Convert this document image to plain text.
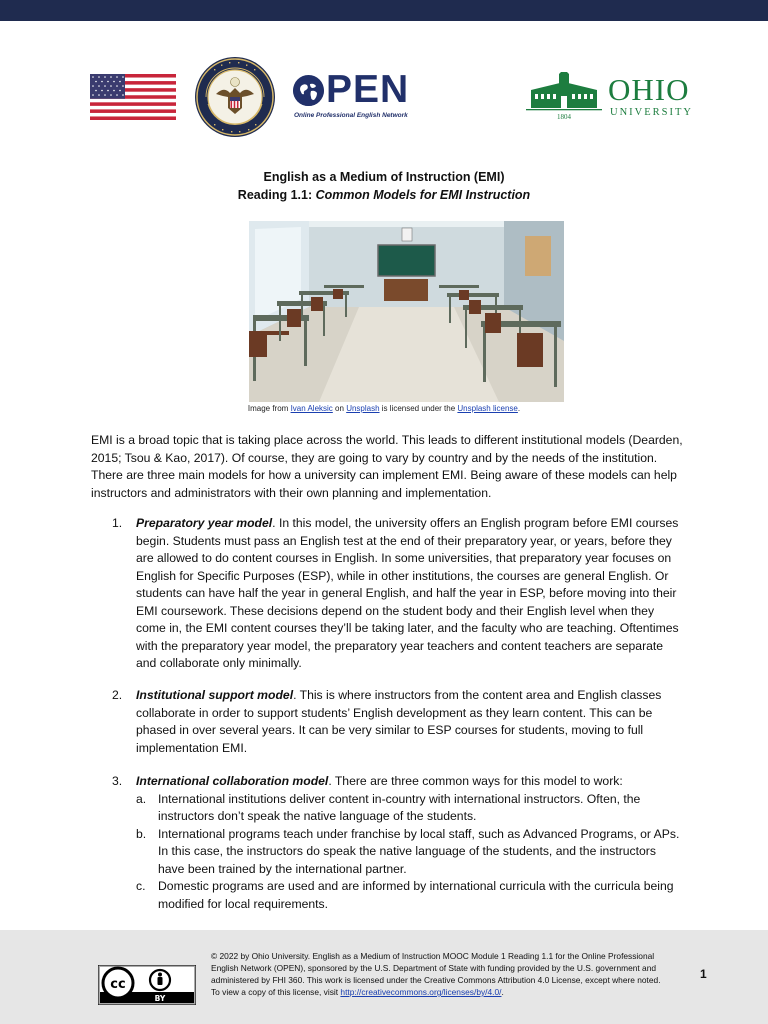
PEN
Online Professional English Network	1804
OHIO
UNIVERSITY
English as a Medium of Instruction (EMI)
Reading 1.1: Common Models for EMI Instruction
Image from Ivan Aleksic on Unsplash is licensed under the Unsplash license.

EMI is a broad topic that is taking place across the world. This leads to different institutional models (Dearden, 2015; Tsou & Kao, 2017). Of course, they are going to vary by country and by the needs of the institution. There are three main models for how a university can implement EMI. Being aware of these models can help instructors and administrators with their own planning and implementation.

1. Preparatory year model. In this model, the university offers an English program before EMI courses begin. Students must pass an English test at the end of their preparatory year, or years, before they are allowed to do content courses in English. In some universities, that preparatory year focuses on English for Specific Purposes (ESP), while in other institutions, the courses are general English. Or students can have half the year in general English, and half the year in ESP, before moving into their EMI coursework. These decisions depend on the student body and their English level when they come in, the EMI content courses they’ll be taking later, and the faculty who are teaching. Oftentimes with the preparatory year model, the preparatory year teachers and content teachers are separate and collaborate only minimally.

2. Institutional support model. This is where instructors from the content area and English classes collaborate in order to support students’ English development as they learn content. This can be phased in over several years. It can be very similar to ESP courses for students, moving to full implementation EMI.

3. International collaboration model. There are three common ways for this model to work:

a. International institutions deliver content in-country with international instructors. Often, the instructors don’t speak the native language of the students.

b. International programs teach under franchise by local staff, such as Advanced Programs, or APs. In this case, the instructors do speak the native language of the students, and the instructors have been trained by the international partner.

c. Domestic programs are used and are informed by international curricula with the curricula being modified for local requirements.

cc
BY

© 2022 by Ohio University. English as a Medium of Instruction MOOC Module 1 Reading 1.1 for the Online Professional English Network (OPEN), sponsored by the U.S. Department of State with funding provided by the U.S. government and administered by FHI 360. This work is licensed under the Creative Commons Attribution 4.0 License, except where noted. To view a copy of this license, visit http://creativecommons.org/licenses/by/4.0/.

1
